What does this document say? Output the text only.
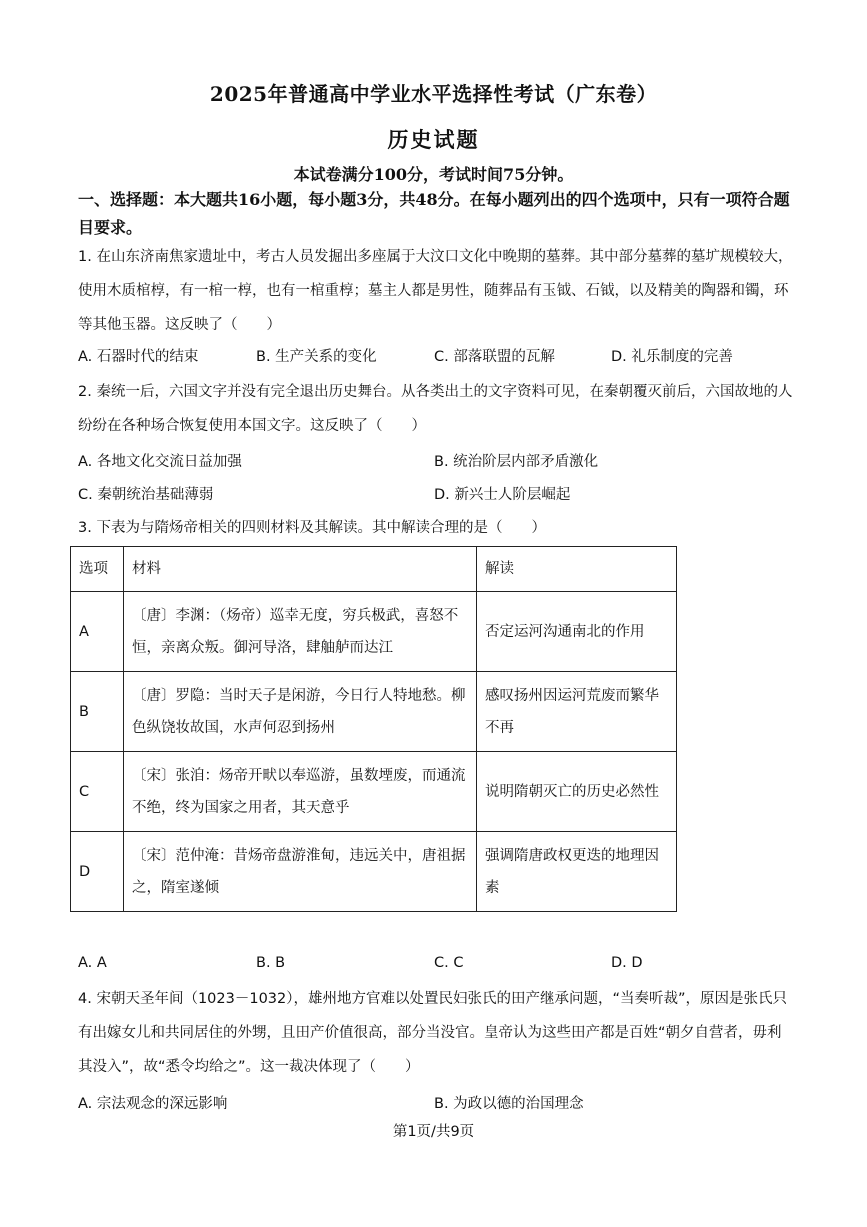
2025年普通高中学业水平选择性考试（广东卷）
历史试题
本试卷满分100分，考试时间75分钟。
一、选择题：本大题共16小题，每小题3分，共48分。在每小题列出的四个选项中，只有一项符合题目要求。
1. 在山东济南焦家遗址中，考古人员发掘出多座属于大汶口文化中晚期的墓葬。其中部分墓葬的墓圹规模较大，使用木质棺椁，有一棺一椁，也有一棺重椁；墓主人都是男性，随葬品有玉钺、石钺，以及精美的陶器和镯，环等其他玉器。这反映了（　　）
A. 石器时代的结束	B. 生产关系的变化	C. 部落联盟的瓦解	D. 礼乐制度的完善
2. 秦统一后，六国文字并没有完全退出历史舞台。从各类出土的文字资料可见，在秦朝覆灭前后，六国故地的人纷纷在各种场合恢复使用本国文字。这反映了（　　）
A. 各地文化交流日益加强	B. 统治阶层内部矛盾激化
C. 秦朝统治基础薄弱	D. 新兴士人阶层崛起
3. 下表为与隋炀帝相关的四则材料及其解读。其中解读合理的是（　　）
选项	材料	解读
A	〔唐〕李渊：（炀帝）巡幸无度，穷兵极武，喜怒不恒，亲离众叛。御河导洛，肆舳舻而达江	否定运河沟通南北的作用
B	〔唐〕罗隐：当时天子是闲游，今日行人特地愁。柳色纵饶妆故国，水声何忍到扬州	感叹扬州因运河荒废而繁华不再
C	〔宋〕张洎：炀帝开畎以奉巡游，虽数堙废，而通流不绝，终为国家之用者，其天意乎	说明隋朝灭亡的历史必然性
D	〔宋〕范仲淹：昔炀帝盘游淮甸，违远关中，唐祖据之，隋室遂倾	强调隋唐政权更迭的地理因素
A. A	B. B	C. C	D. D
4. 宋朝天圣年间（1023－1032），雄州地方官难以处置民妇张氏的田产继承问题，“当奏听裁”，原因是张氏只有出嫁女儿和共同居住的外甥，且田产价值很高，部分当没官。皇帝认为这些田产都是百姓“朝夕自营者，毋利其没入”，故“悉令均给之”。这一裁决体现了（　　）
A. 宗法观念的深远影响	B. 为政以德的治国理念
第1页/共9页
